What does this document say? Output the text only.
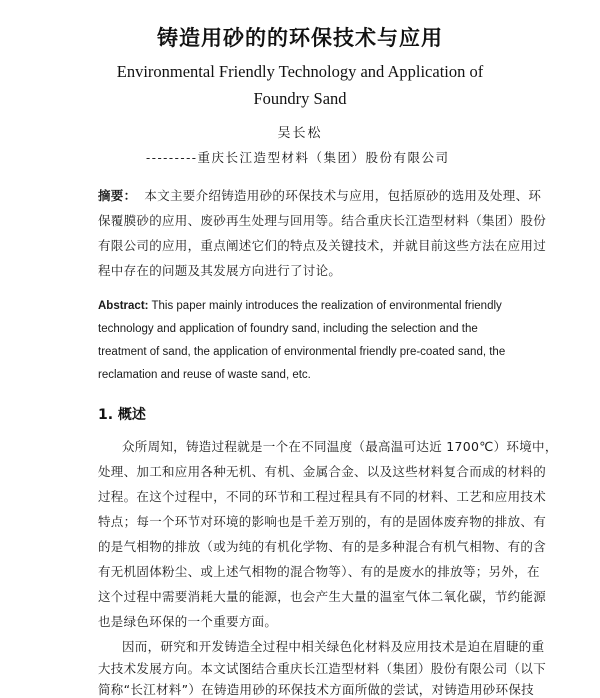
铸造用砂的的环保技术与应用
Environmental Friendly Technology and Application of
Foundry Sand
吴长松
---------重庆长江造型材料（集团）股份有限公司
摘要： 本文主要介绍铸造用砂的环保技术与应用，包括原砂的选用及处理、环
保覆膜砂的应用、废砂再生处理与回用等。结合重庆长江造型材料（集团）股份
有限公司的应用，重点阐述它们的特点及关键技术，并就目前这些方法在应用过
程中存在的问题及其发展方向进行了讨论。
Abstract: This paper mainly introduces the realization of environmental friendly
technology and application of foundry sand, including the selection and the
treatment of sand, the application of environmental friendly pre-coated sand, the
reclamation and reuse of waste sand, etc.
1. 概述
众所周知，铸造过程就是一个在不同温度（最高温可达近 1700℃）环境中，
处理、加工和应用各种无机、有机、金属合金、以及这些材料复合而成的材料的
过程。在这个过程中，不同的环节和工程过程具有不同的材料、工艺和应用技术
特点；每一个环节对环境的影响也是千差万别的，有的是固体废弃物的排放、有
的是气相物的排放（或为纯的有机化学物、有的是多种混合有机气相物、有的含
有无机固体粉尘、或上述气相物的混合物等）、有的是废水的排放等；另外，在
这个过程中需要消耗大量的能源，也会产生大量的温室气体二氧化碳，节约能源
也是绿色环保的一个重要方面。
因而，研究和开发铸造全过程中相关绿色化材料及应用技术是迫在眉睫的重
大技术发展方向。本文试图结合重庆长江造型材料（集团）股份有限公司（以下
简称“长江材料”）在铸造用砂的环保技术方面所做的尝试，对铸造用砂环保技
